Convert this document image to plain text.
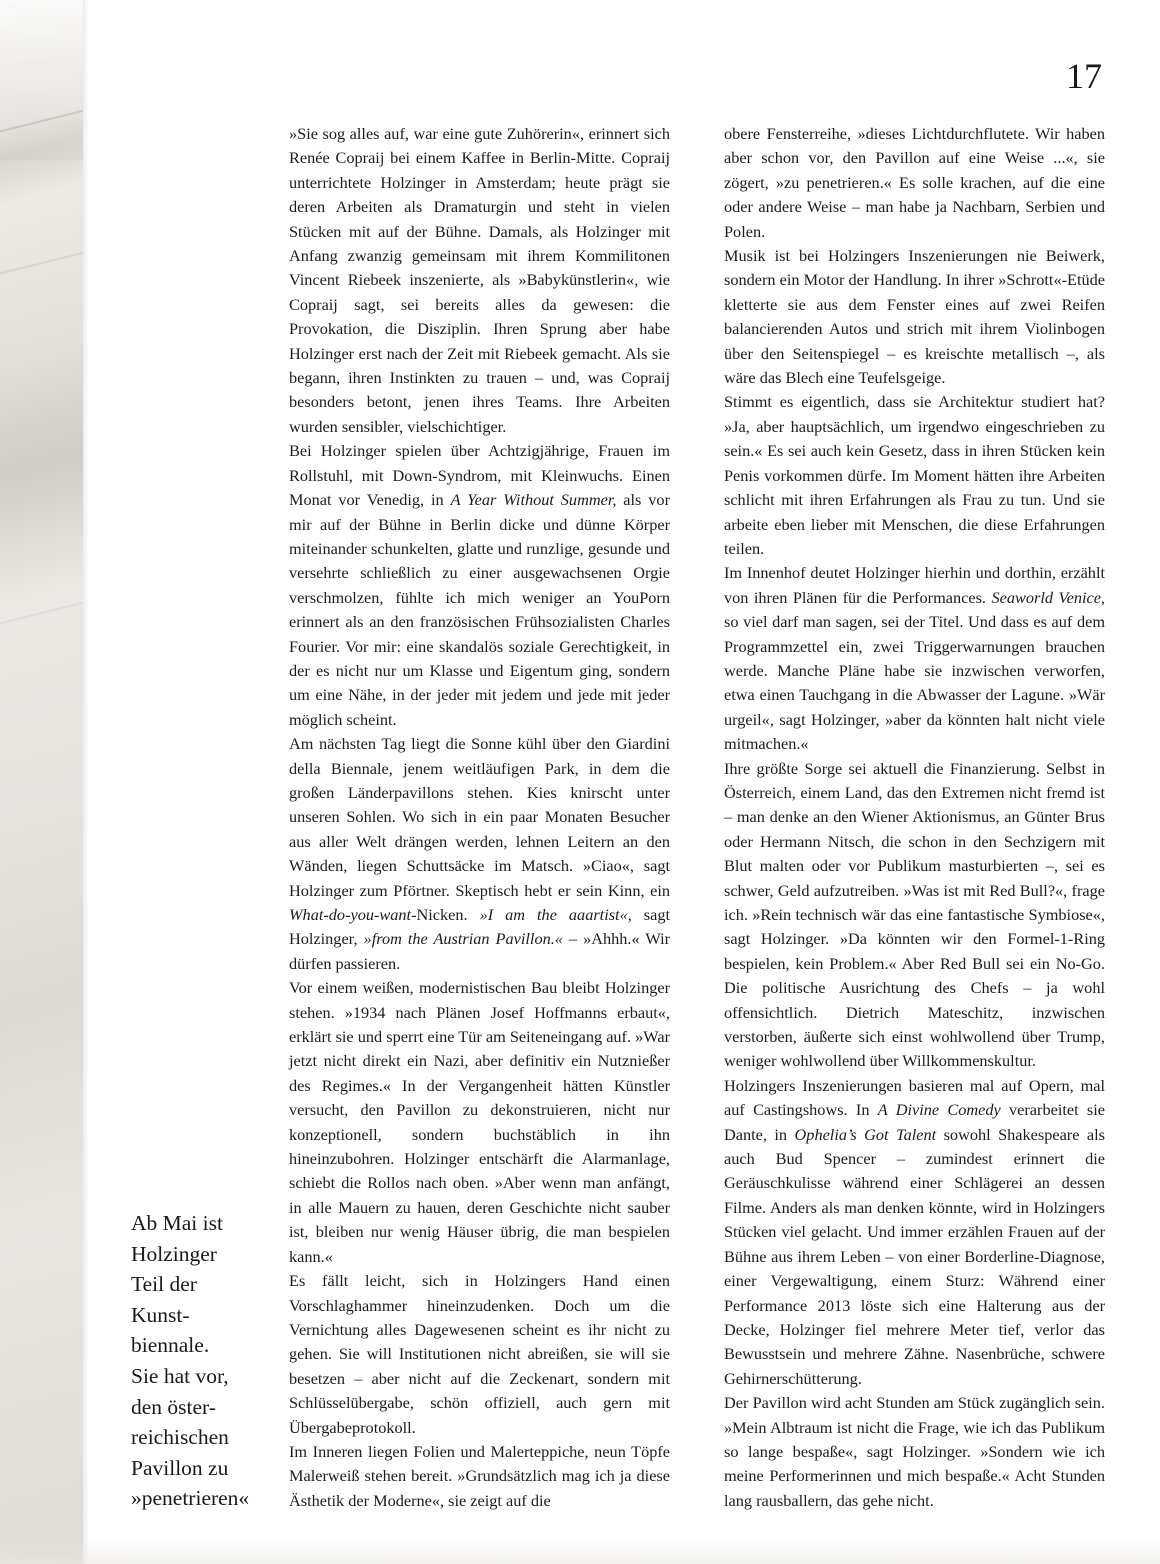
17

Ab Mai ist

Holzinger

Teil der

Kunst-

biennale.

Sie hat vor,

den öster-

reichischen

Pavillon zu

»penetrieren«

»Sie sog alles auf, war eine gute Zuhörerin«, erinnert sich Renée Copraij bei einem Kaffee in Berlin-Mitte. Copraij unterrichtete Holzinger in Amsterdam; heute prägt sie deren Arbeiten als Dramaturgin und steht in vielen Stücken mit auf der Bühne. Damals, als Holzinger mit Anfang zwanzig gemeinsam mit ihrem Kommilitonen Vincent Riebeek inszenierte, als »Babykünstlerin«, wie Copraij sagt, sei bereits alles da gewesen: die Provokation, die Disziplin. Ihren Sprung aber habe Holzinger erst nach der Zeit mit Riebeek gemacht. Als sie begann, ihren Instinkten zu trauen – und, was Copraij besonders betont, jenen ihres Teams. Ihre Arbeiten wurden sensibler, vielschichtiger.

Bei Holzinger spielen über Achtzigjährige, Frauen im Rollstuhl, mit Down-Syndrom, mit Kleinwuchs. Einen Monat vor Venedig, in A Year Without Summer, als vor mir auf der Bühne in Berlin dicke und dünne Körper miteinander schunkelten, glatte und runzlige, gesunde und versehrte schließlich zu einer ausgewachsenen Orgie verschmolzen, fühlte ich mich weniger an YouPorn erinnert als an den französischen Frühsozialisten Charles Fourier. Vor mir: eine skandalös soziale Gerechtigkeit, in der es nicht nur um Klasse und Eigentum ging, sondern um eine Nähe, in der jeder mit jedem und jede mit jeder möglich scheint.

Am nächsten Tag liegt die Sonne kühl über den Giardini della Biennale, jenem weitläufigen Park, in dem die großen Länderpavillons stehen. Kies knirscht unter unseren Sohlen. Wo sich in ein paar Monaten Besucher aus aller Welt drängen werden, lehnen Leitern an den Wänden, liegen Schuttsäcke im Matsch. »Ciao«, sagt Holzinger zum Pförtner. Skeptisch hebt er sein Kinn, ein What-do-you-want-Nicken. »I am the aaartist«, sagt Holzinger, »from the Austrian Pavillon.« – »Ahhh.« Wir dürfen passieren.

Vor einem weißen, modernistischen Bau bleibt Holzinger stehen. »1934 nach Plänen Josef Hoffmanns erbaut«, erklärt sie und sperrt eine Tür am Seiteneingang auf. »War jetzt nicht direkt ein Nazi, aber definitiv ein Nutznießer des Regimes.« In der Vergangenheit hätten Künstler versucht, den Pavillon zu dekonstruieren, nicht nur konzeptionell, sondern buchstäblich in ihn hineinzubohren. Holzinger entschärft die Alarmanlage, schiebt die Rollos nach oben. »Aber wenn man anfängt, in alle Mauern zu hauen, deren Geschichte nicht sauber ist, bleiben nur wenig Häuser übrig, die man bespielen kann.«

Es fällt leicht, sich in Holzingers Hand einen Vorschlaghammer hineinzudenken. Doch um die Vernichtung alles Dagewesenen scheint es ihr nicht zu gehen. Sie will Institutionen nicht abreißen, sie will sie besetzen – aber nicht auf die Zeckenart, sondern mit Schlüsselübergabe, schön offiziell, auch gern mit Übergabeprotokoll.

Im Inneren liegen Folien und Malerteppiche, neun Töpfe Malerweiß stehen bereit. »Grundsätzlich mag ich ja diese Ästhetik der Moderne«, sie zeigt auf die

obere Fensterreihe, »dieses Lichtdurchflutete. Wir haben aber schon vor, den Pavillon auf eine Weise ...«, sie zögert, »zu penetrieren.« Es solle krachen, auf die eine oder andere Weise – man habe ja Nachbarn, Serbien und Polen.

Musik ist bei Holzingers Inszenierungen nie Beiwerk, sondern ein Motor der Handlung. In ihrer »Schrott«-Etüde kletterte sie aus dem Fenster eines auf zwei Reifen balancierenden Autos und strich mit ihrem Violinbogen über den Seitenspiegel – es kreischte metallisch –, als wäre das Blech eine Teufelsgeige.

Stimmt es eigentlich, dass sie Architektur studiert hat? »Ja, aber hauptsächlich, um irgendwo eingeschrieben zu sein.« Es sei auch kein Gesetz, dass in ihren Stücken kein Penis vorkommen dürfe. Im Moment hätten ihre Arbeiten schlicht mit ihren Erfahrungen als Frau zu tun. Und sie arbeite eben lieber mit Menschen, die diese Erfahrungen teilen.

Im Innenhof deutet Holzinger hierhin und dorthin, erzählt von ihren Plänen für die Performances. Seaworld Venice, so viel darf man sagen, sei der Titel. Und dass es auf dem Programmzettel ein, zwei Triggerwarnungen brauchen werde. Manche Pläne habe sie inzwischen verworfen, etwa einen Tauchgang in die Abwasser der Lagune. »Wär urgeil«, sagt Holzinger, »aber da könnten halt nicht viele mitmachen.«

Ihre größte Sorge sei aktuell die Finanzierung. Selbst in Österreich, einem Land, das den Extremen nicht fremd ist – man denke an den Wiener Aktionismus, an Günter Brus oder Hermann Nitsch, die schon in den Sechzigern mit Blut malten oder vor Publikum masturbierten –, sei es schwer, Geld aufzutreiben. »Was ist mit Red Bull?«, frage ich. »Rein technisch wär das eine fantastische Symbiose«, sagt Holzinger. »Da könnten wir den Formel-1-Ring bespielen, kein Problem.« Aber Red Bull sei ein No-Go. Die politische Ausrichtung des Chefs – ja wohl offensichtlich. Dietrich Mateschitz, inzwischen verstorben, äußerte sich einst wohlwollend über Trump, weniger wohlwollend über Willkommenskultur.

Holzingers Inszenierungen basieren mal auf Opern, mal auf Castingshows. In A Divine Comedy verarbeitet sie Dante, in Ophelia’s Got Talent sowohl Shakespeare als auch Bud Spencer – zumindest erinnert die Geräuschkulisse während einer Schlägerei an dessen Filme. Anders als man denken könnte, wird in Holzingers Stücken viel gelacht. Und immer erzählen Frauen auf der Bühne aus ihrem Leben – von einer Borderline-Diagnose, einer Vergewaltigung, einem Sturz: Während einer Performance 2013 löste sich eine Halterung aus der Decke, Holzinger fiel mehrere Meter tief, verlor das Bewusstsein und mehrere Zähne. Nasenbrüche, schwere Gehirnerschütterung.

Der Pavillon wird acht Stunden am Stück zugänglich sein. »Mein Albtraum ist nicht die Frage, wie ich das Publikum so lange bespaße«, sagt Holzinger. »Sondern wie ich meine Performerinnen und mich bespaße.« Acht Stunden lang rausballern, das gehe nicht.
